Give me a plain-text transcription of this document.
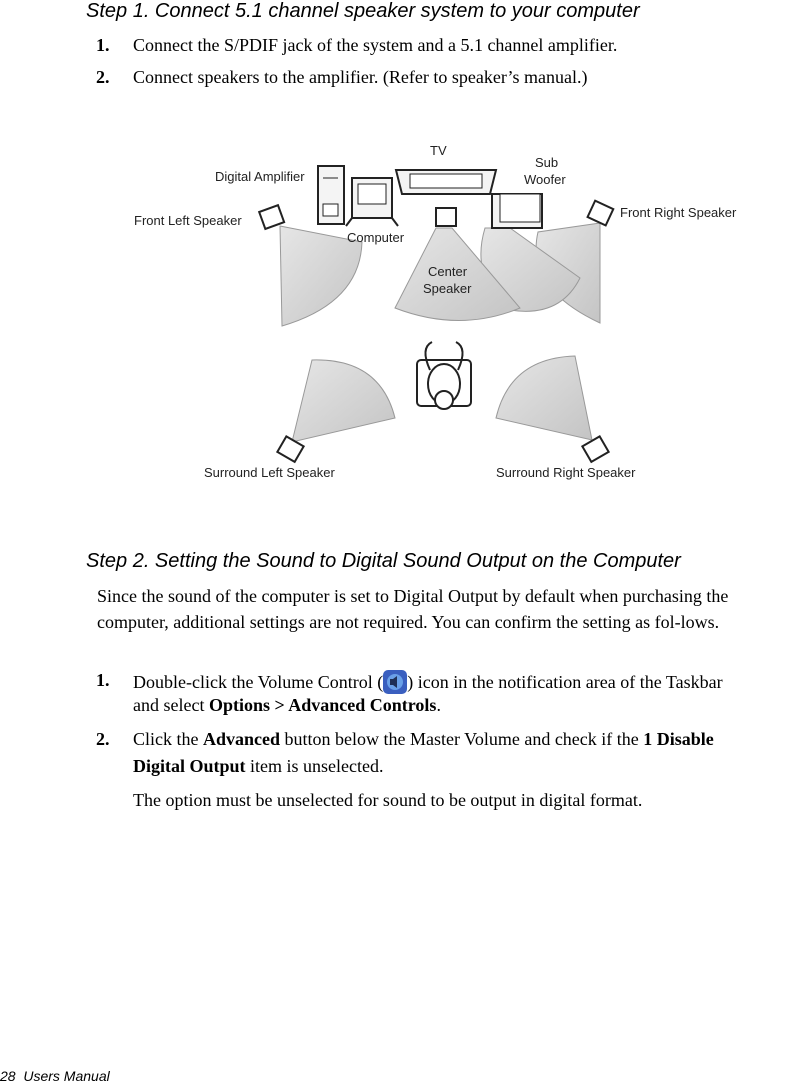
Step 1. Connect 5.1 channel speaker system to your computer
1. Connect the S/PDIF jack of the system and a 5.1 channel amplifier.
2. Connect speakers to the amplifier. (Refer to speaker’s manual.)
TV
Sub
Woofer
Digital Amplifier
Front Left Speaker
Front Right Speaker
Computer
Center
Speaker
Surround Left Speaker	Surround Right Speaker
Step 2. Setting the Sound to Digital Sound Output on the Computer
Since the sound of the computer is set to Digital Output by default when purchasing the computer, additional settings are not required. You can confirm the setting as fol-lows.
1. Double-click the Volume Control ( ) icon in the notification area of the Taskbar
and select Options > Advanced Controls.
2. Click the Advanced button below the Master Volume and check if the 1 Disable
Digital Output item is unselected.
The option must be unselected for sound to be output in digital format.
28 Users Manual
